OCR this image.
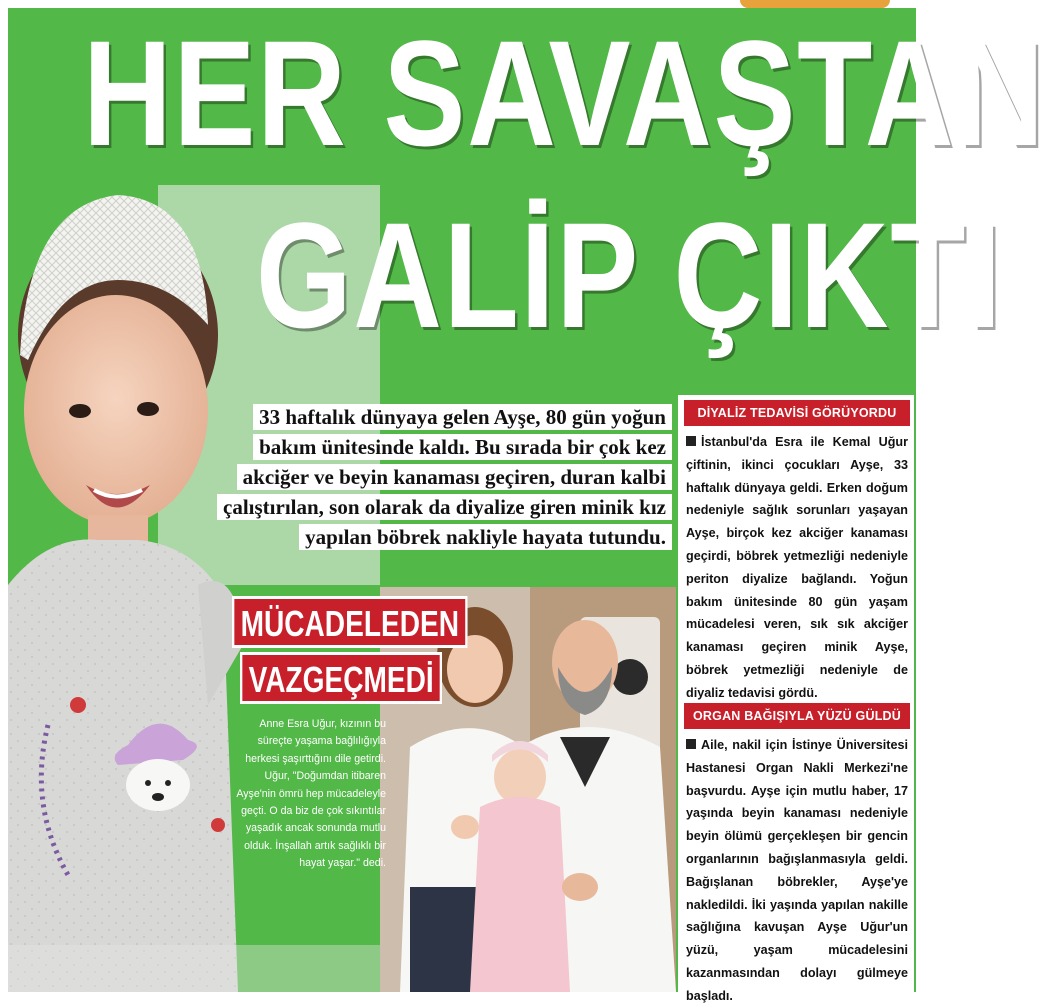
HER SAVAŞTAN
GALİP ÇIKTI
33 haftalık dünyaya gelen Ayşe, 80 gün yoğun bakım ünitesinde kaldı. Bu sırada bir çok kez akciğer ve beyin kanaması geçiren, duran kalbi çalıştırılan, son olarak da diyalize giren minik kız yapılan böbrek nakliyle hayata tutundu.
MÜCADELEDEN
VAZGEÇMEDİ
Anne Esra Uğur, kızının bu süreçte yaşama bağlılığıyla herkesi şaşırttığını dile getirdi. Uğur, "Doğumdan itibaren Ayşe'nin ömrü hep mücadeleyle geçti. O da biz de çok sıkıntılar yaşadık ancak sonunda mutlu olduk. İnşallah artık sağlıklı bir hayat yaşar." dedi.
DİYALİZ TEDAVİSİ GÖRÜYORDU
İstanbul'da Esra ile Kemal Uğur çiftinin, ikinci çocukları Ayşe, 33 haftalık dünyaya geldi. Erken doğum nedeniyle sağlık sorunları yaşayan Ayşe, birçok kez akciğer kanaması geçirdi, böbrek yetmezliği nedeniyle periton diyalize bağlandı. Yoğun bakım ünitesinde 80 gün yaşam mücadelesi veren, sık sık akciğer kanaması geçiren minik Ayşe, böbrek yetmezliği nedeniyle de diyaliz tedavisi gördü.
ORGAN BAĞIŞIYLA YÜZÜ GÜLDÜ
Aile, nakil için İstinye Üniversitesi Hastanesi Organ Nakli Merkezi'ne başvurdu. Ayşe için mutlu haber, 17 yaşında beyin kanaması nedeniyle beyin ölümü gerçekleşen bir gencin organlarının bağışlanmasıyla geldi. Bağışlanan böbrekler, Ayşe'ye nakledildi. İki yaşında yapılan nakille sağlığına kavuşan Ayşe Uğur'un yüzü, yaşam mücadelesini kazanmasından dolayı gülmeye başladı.
